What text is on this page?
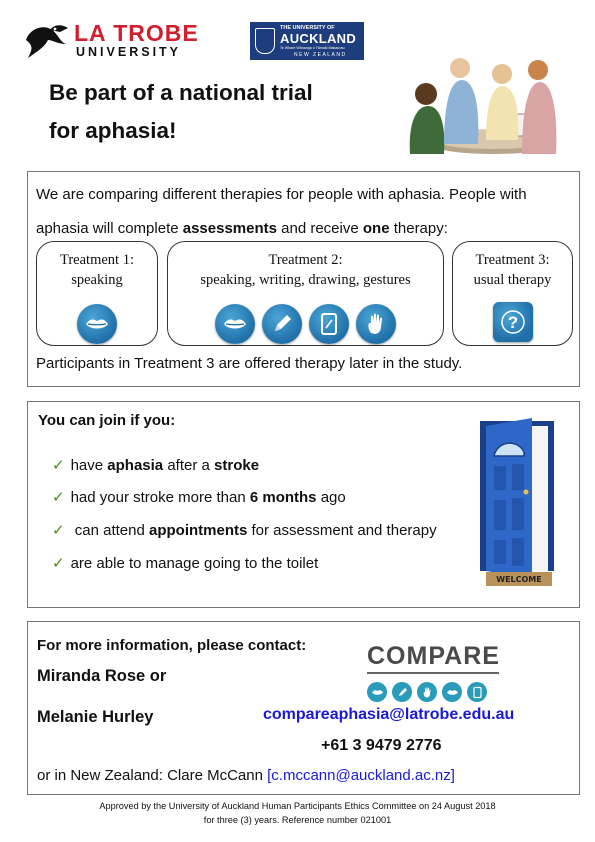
LA TROBE
UNIVERSITY
THE UNIVERSITY OF
AUCKLAND
Te Whare Wānanga o Tāmaki Makaurau
NEW ZEALAND
Be part of a national trial
for aphasia!
We are comparing different therapies for people with aphasia. People with aphasia will complete assessments and receive one therapy:
Treatment 1:
speaking
Treatment 2:
speaking, writing, drawing, gestures
Treatment 3:
usual therapy
?
Participants in Treatment 3 are offered therapy later in the study.
You can join if you:
✓ have aphasia after a stroke
✓ had your stroke more than 6 months ago
✓ can attend appointments for assessment and therapy
✓ are able to manage going to the toilet
WELCOME
For more information, please contact:
Miranda Rose or
Melanie Hurley
COMPARE
compareaphasia@latrobe.edu.au
+61 3 9479 2776
or in New Zealand: Clare McCann [c.mccann@auckland.ac.nz]
Approved by the University of Auckland Human Participants Ethics Committee on 24 August 2018
for three (3) years. Reference number 021001
